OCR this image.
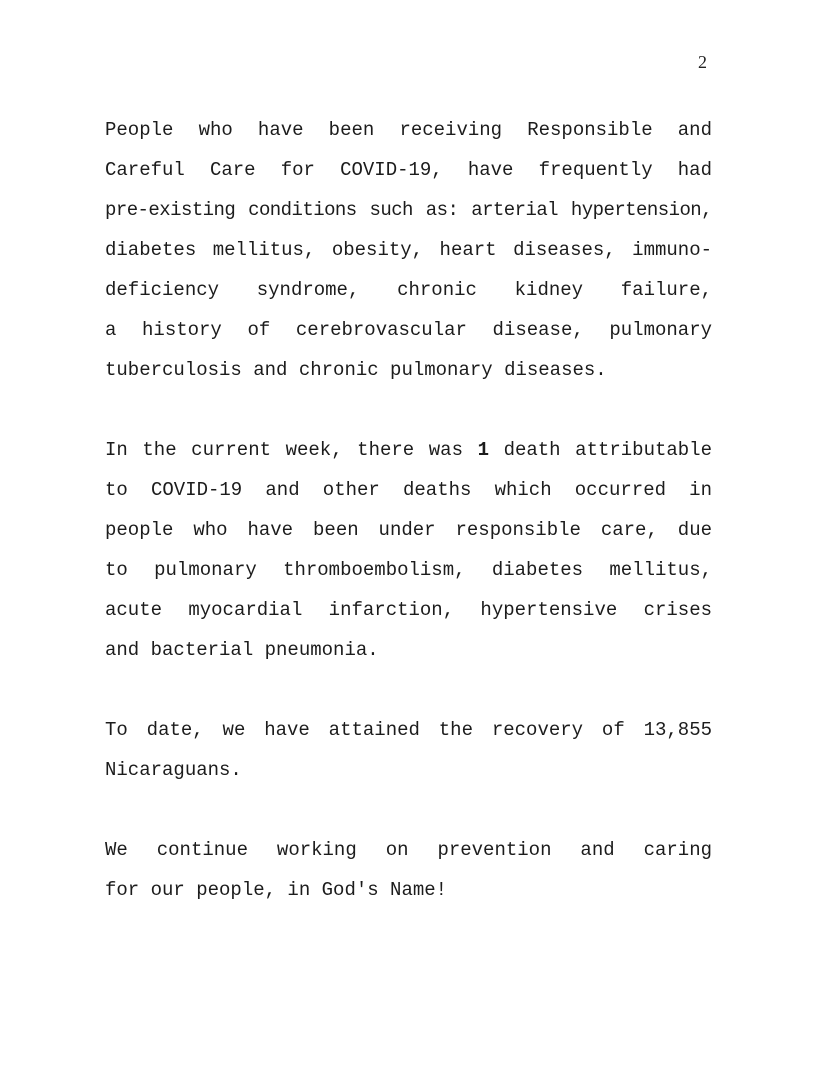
2
People who have been receiving Responsible and
Careful Care for COVID-19, have frequently had
pre-existing conditions such as: arterial hypertension,
diabetes mellitus, obesity, heart diseases, immuno-
deficiency syndrome, chronic kidney failure,
a history of cerebrovascular disease, pulmonary
tuberculosis and chronic pulmonary diseases.
In the current week, there was 1 death attributable
to COVID-19 and other deaths which occurred in
people who have been under responsible care, due
to pulmonary thromboembolism, diabetes mellitus,
acute myocardial infarction, hypertensive crises
and bacterial pneumonia.
To date, we have attained the recovery of 13,855
Nicaraguans.
We continue working on prevention and caring
for our people, in God's Name!
